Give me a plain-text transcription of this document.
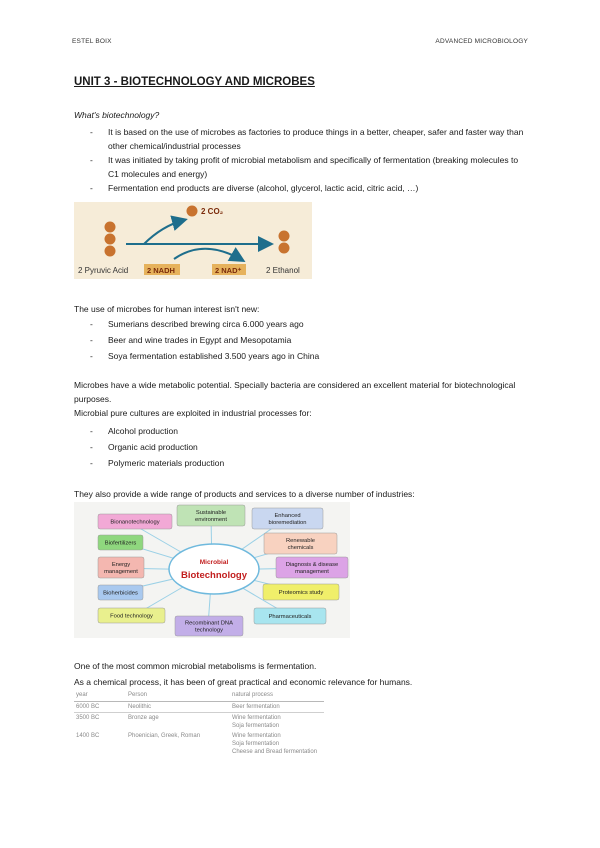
ESTEL BOIX	ADVANCED MICROBIOLOGY
UNIT 3 - BIOTECHNOLOGY AND MICROBES

What's biotechnology?

- It is based on the use of microbes as factories to produce things in a better, cheaper, safer and faster way than other chemical/industrial processes
- It was initiated by taking profit of microbial metabolism and specifically of fermentation (breaking molecules to C1 molecules and energy)
- Fermentation end products are diverse (alcohol, glycerol, lactic acid, citric acid, …)
2 Pyruvic Acid	2 NADH	2 NAD⁺	2 Ethanol
2 CO₂

The use of microbes for human interest isn't new:

- Sumerians described brewing circa 6.000 years ago
- Beer and wine trades in Egypt and Mesopotamia
- Soya fermentation established 3.500 years ago in China

Microbes have a wide metabolic potential. Specially bacteria are considered an excellent material for biotechnological purposes.

Microbial pure cultures are exploited in industrial processes for:

- Alcohol production
- Organic acid production
- Polymeric materials production

They also provide a wide range of products and services to a diverse number of industries:

Microbial
Biotechnology
Sustainable
environment
Enhanced
bioremediation
Bionanotechnology
Renewable
chemicals
Biofertilizers
Energy
management
Diagnosis & disease
management
Bioherbicides	Proteomics study
Food technology	Pharmaceuticals
Recombinant DNA
technology

One of the most common microbial metabolisms is fermentation.

As a chemical process, it has been of great practical and economic relevance for humans.

year	Person	natural process
6000 BC	Neolithic	Beer fermentation

3500 BC	Bronze age	Wine fermentation
Soja fermentation

1400 BC	Phoenician, Greek, Roman	Wine fermentation
Soja fermentation
Cheese and Bread fermentation
